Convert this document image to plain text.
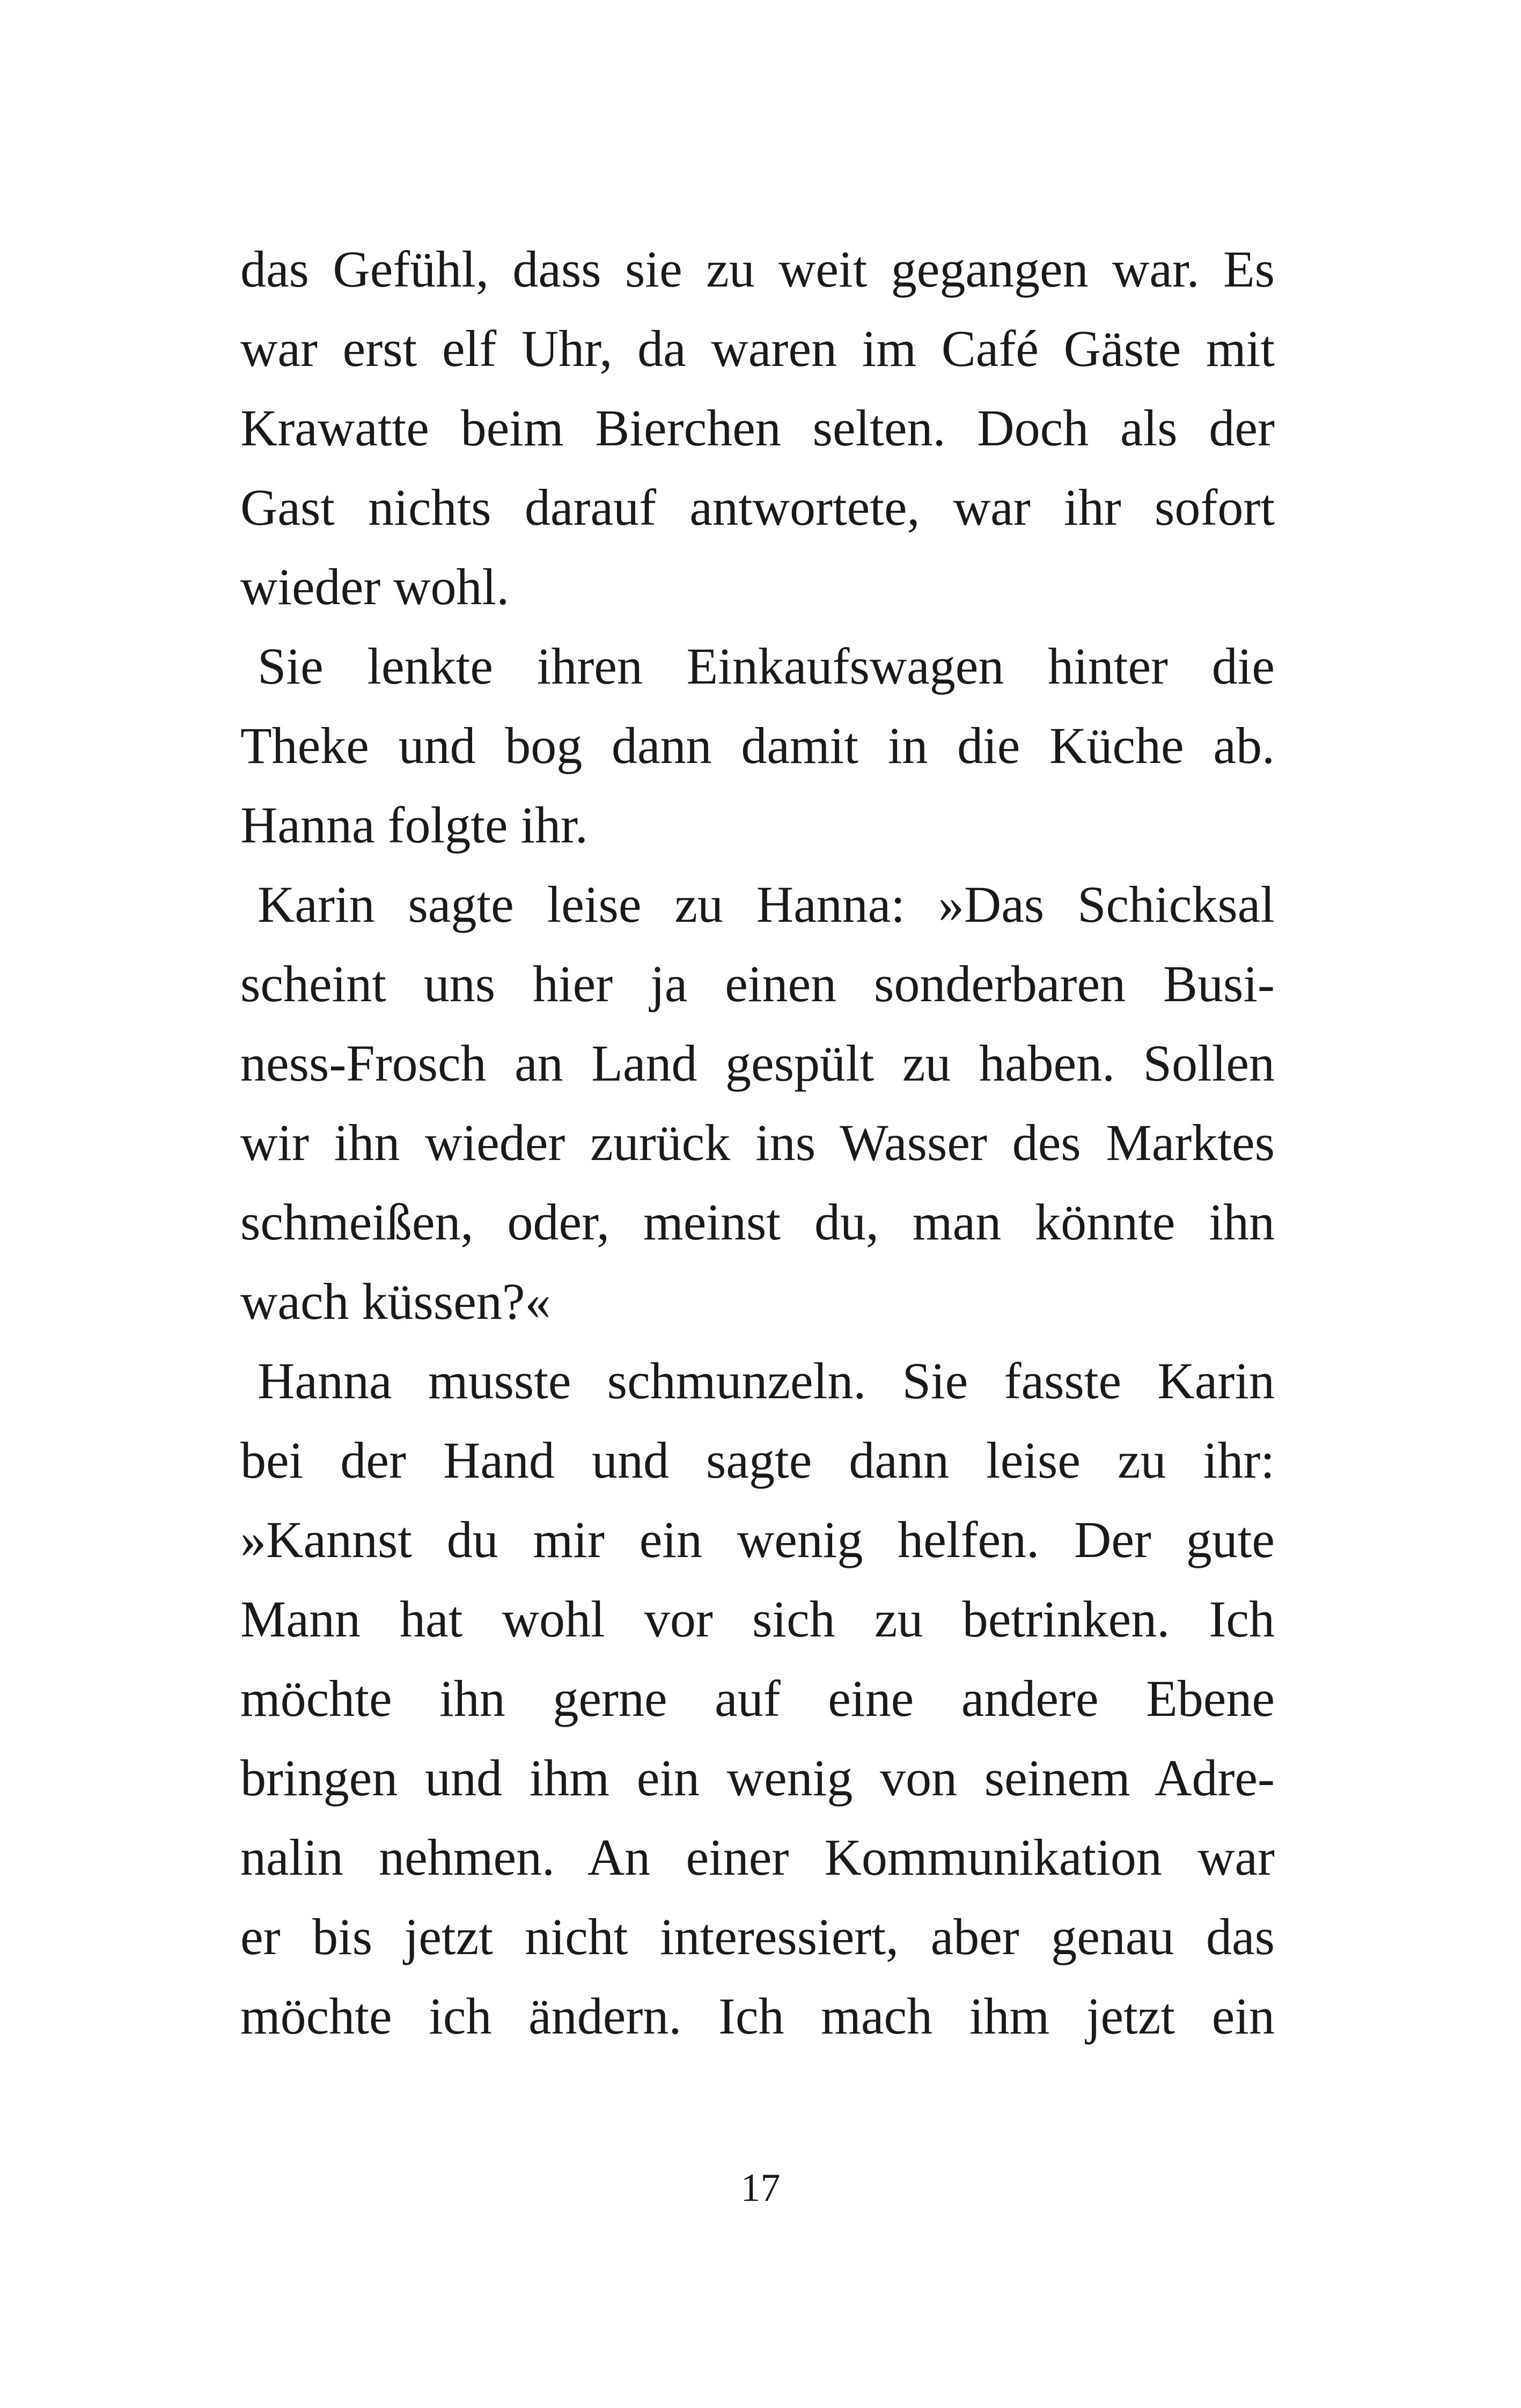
das Gefühl, dass sie zu weit gegangen war. Es
war erst elf Uhr, da waren im Café Gäste mit
Krawatte beim Bierchen selten. Doch als der
Gast nichts darauf antwortete, war ihr sofort
wieder wohl.
Sie lenkte ihren Einkaufswagen hinter die
Theke und bog dann damit in die Küche ab.
Hanna folgte ihr.
Karin sagte leise zu Hanna: »Das Schicksal
scheint uns hier ja einen sonderbaren Busi-
ness-Frosch an Land gespült zu haben. Sollen
wir ihn wieder zurück ins Wasser des Marktes
schmeißen, oder, meinst du, man könnte ihn
wach küssen?«
Hanna musste schmunzeln. Sie fasste Karin
bei der Hand und sagte dann leise zu ihr:
»Kannst du mir ein wenig helfen. Der gute
Mann hat wohl vor sich zu betrinken. Ich
möchte ihn gerne auf eine andere Ebene
bringen und ihm ein wenig von seinem Adre-
nalin nehmen. An einer Kommunikation war
er bis jetzt nicht interessiert, aber genau das
möchte ich ändern. Ich mach ihm jetzt ein
17
